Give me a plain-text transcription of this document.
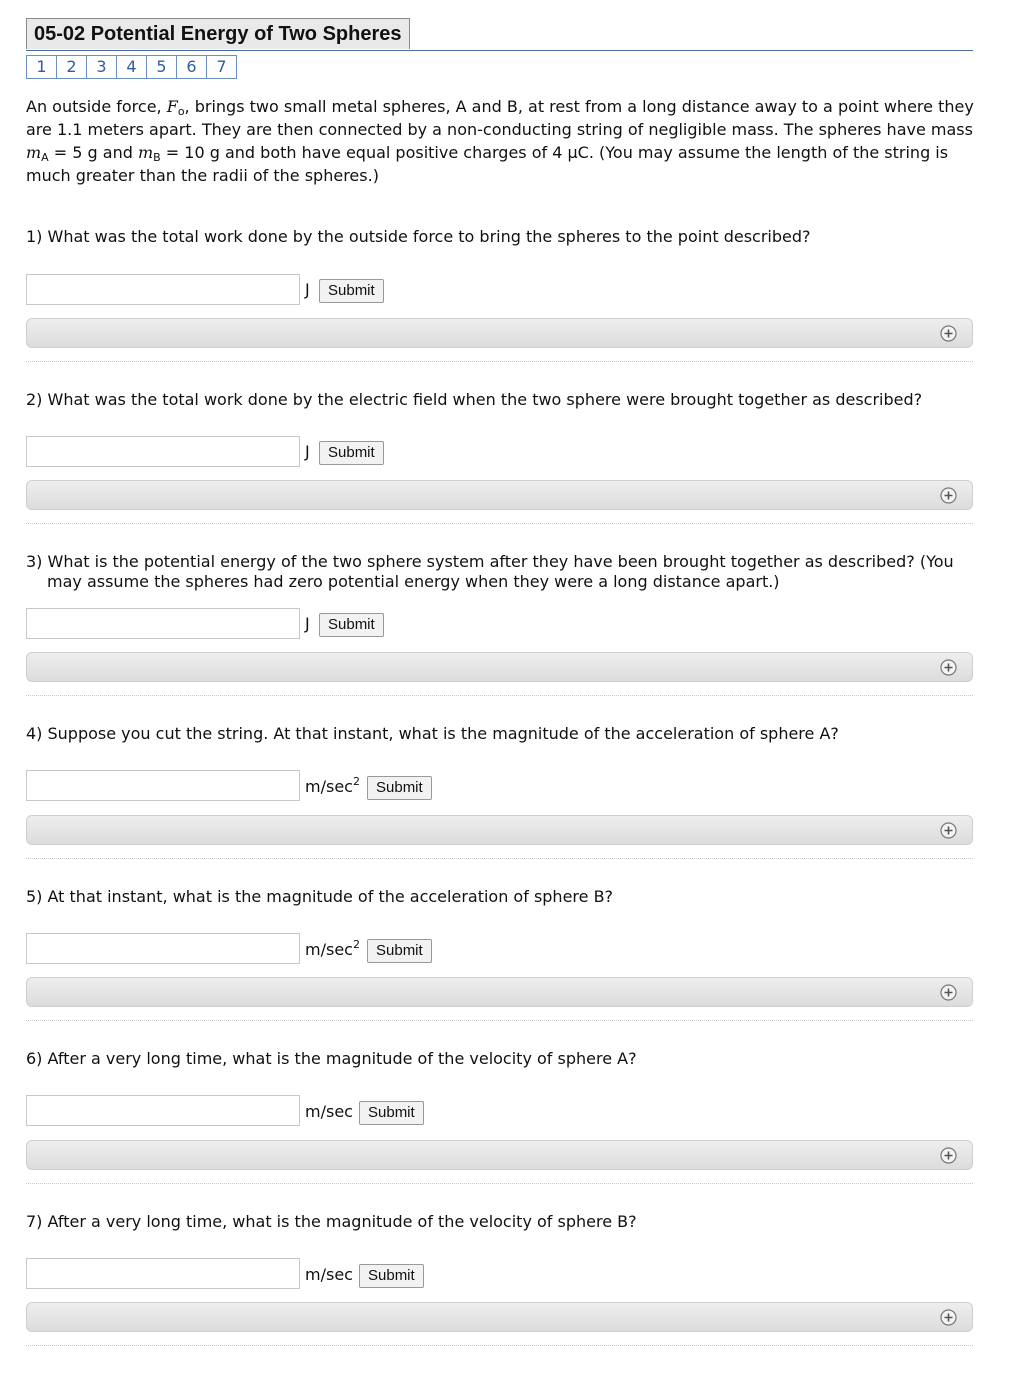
05-02 Potential Energy of Two Spheres
1	2	3	4	5	6	7
An outside force, $F_o$, brings two small metal spheres, A and B, at rest from a long distance away to a point where they are 1.1 meters apart. They are then connected by a non-conducting string of negligible mass. The spheres have mass $m_A = 5$ g and $m_B = 10$ g and both have equal positive charges of 4 μC. (You may assume the length of the string is much greater than the radii of the spheres.)
1) What was the total work done by the outside force to bring the spheres to the point described?
J	Submit
2) What was the total work done by the electric field when the two sphere were brought together as described?
J	Submit
3) What is the potential energy of the two sphere system after they have been brought together as described? (You may assume the spheres had zero potential energy when they were a long distance apart.)
J	Submit
4) Suppose you cut the string. At that instant, what is the magnitude of the acceleration of sphere A?
$m/\sec^2$	Submit
5) At that instant, what is the magnitude of the acceleration of sphere B?
$m/\sec^2$	Submit
6) After a very long time, what is the magnitude of the velocity of sphere A?
m/sec	Submit
7) After a very long time, what is the magnitude of the velocity of sphere B?
m/sec	Submit
